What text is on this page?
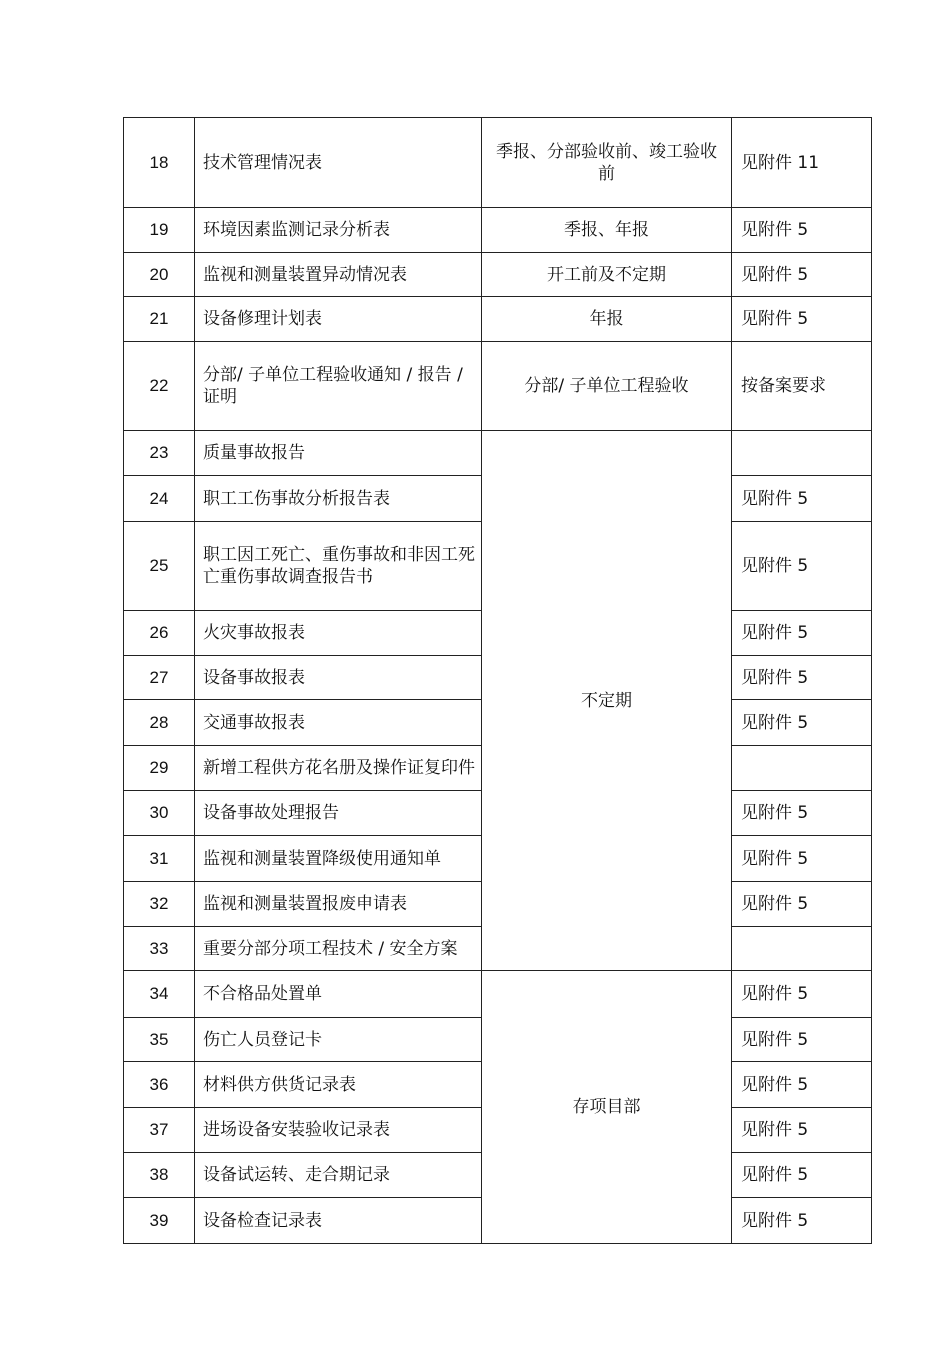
18	技术管理情况表	季报、分部验收前、竣工验收前	见附件 11
19	环境因素监测记录分析表	季报、年报	见附件 5
20	监视和测量装置异动情况表	开工前及不定期	见附件 5
21	设备修理计划表	年报	见附件 5
22	分部/ 子单位工程验收通知 / 报告 / 证明	分部/ 子单位工程验收	按备案要求
23	质量事故报告	不定期	
24	职工工伤事故分析报告表		见附件 5
25	职工因工死亡、重伤事故和非因工死亡重伤事故调查报告书		见附件 5
26	火灾事故报表		见附件 5
27	设备事故报表		见附件 5
28	交通事故报表		见附件 5
29	新增工程供方花名册及操作证复印件		
30	设备事故处理报告		见附件 5
31	监视和测量装置降级使用通知单		见附件 5
32	监视和测量装置报废申请表		见附件 5
33	重要分部分项工程技术 / 安全方案		
34	不合格品处置单	存项目部	见附件 5
35	伤亡人员登记卡		见附件 5
36	材料供方供货记录表		见附件 5
37	进场设备安装验收记录表		见附件 5
38	设备试运转、走合期记录		见附件 5
39	设备检查记录表		见附件 5
